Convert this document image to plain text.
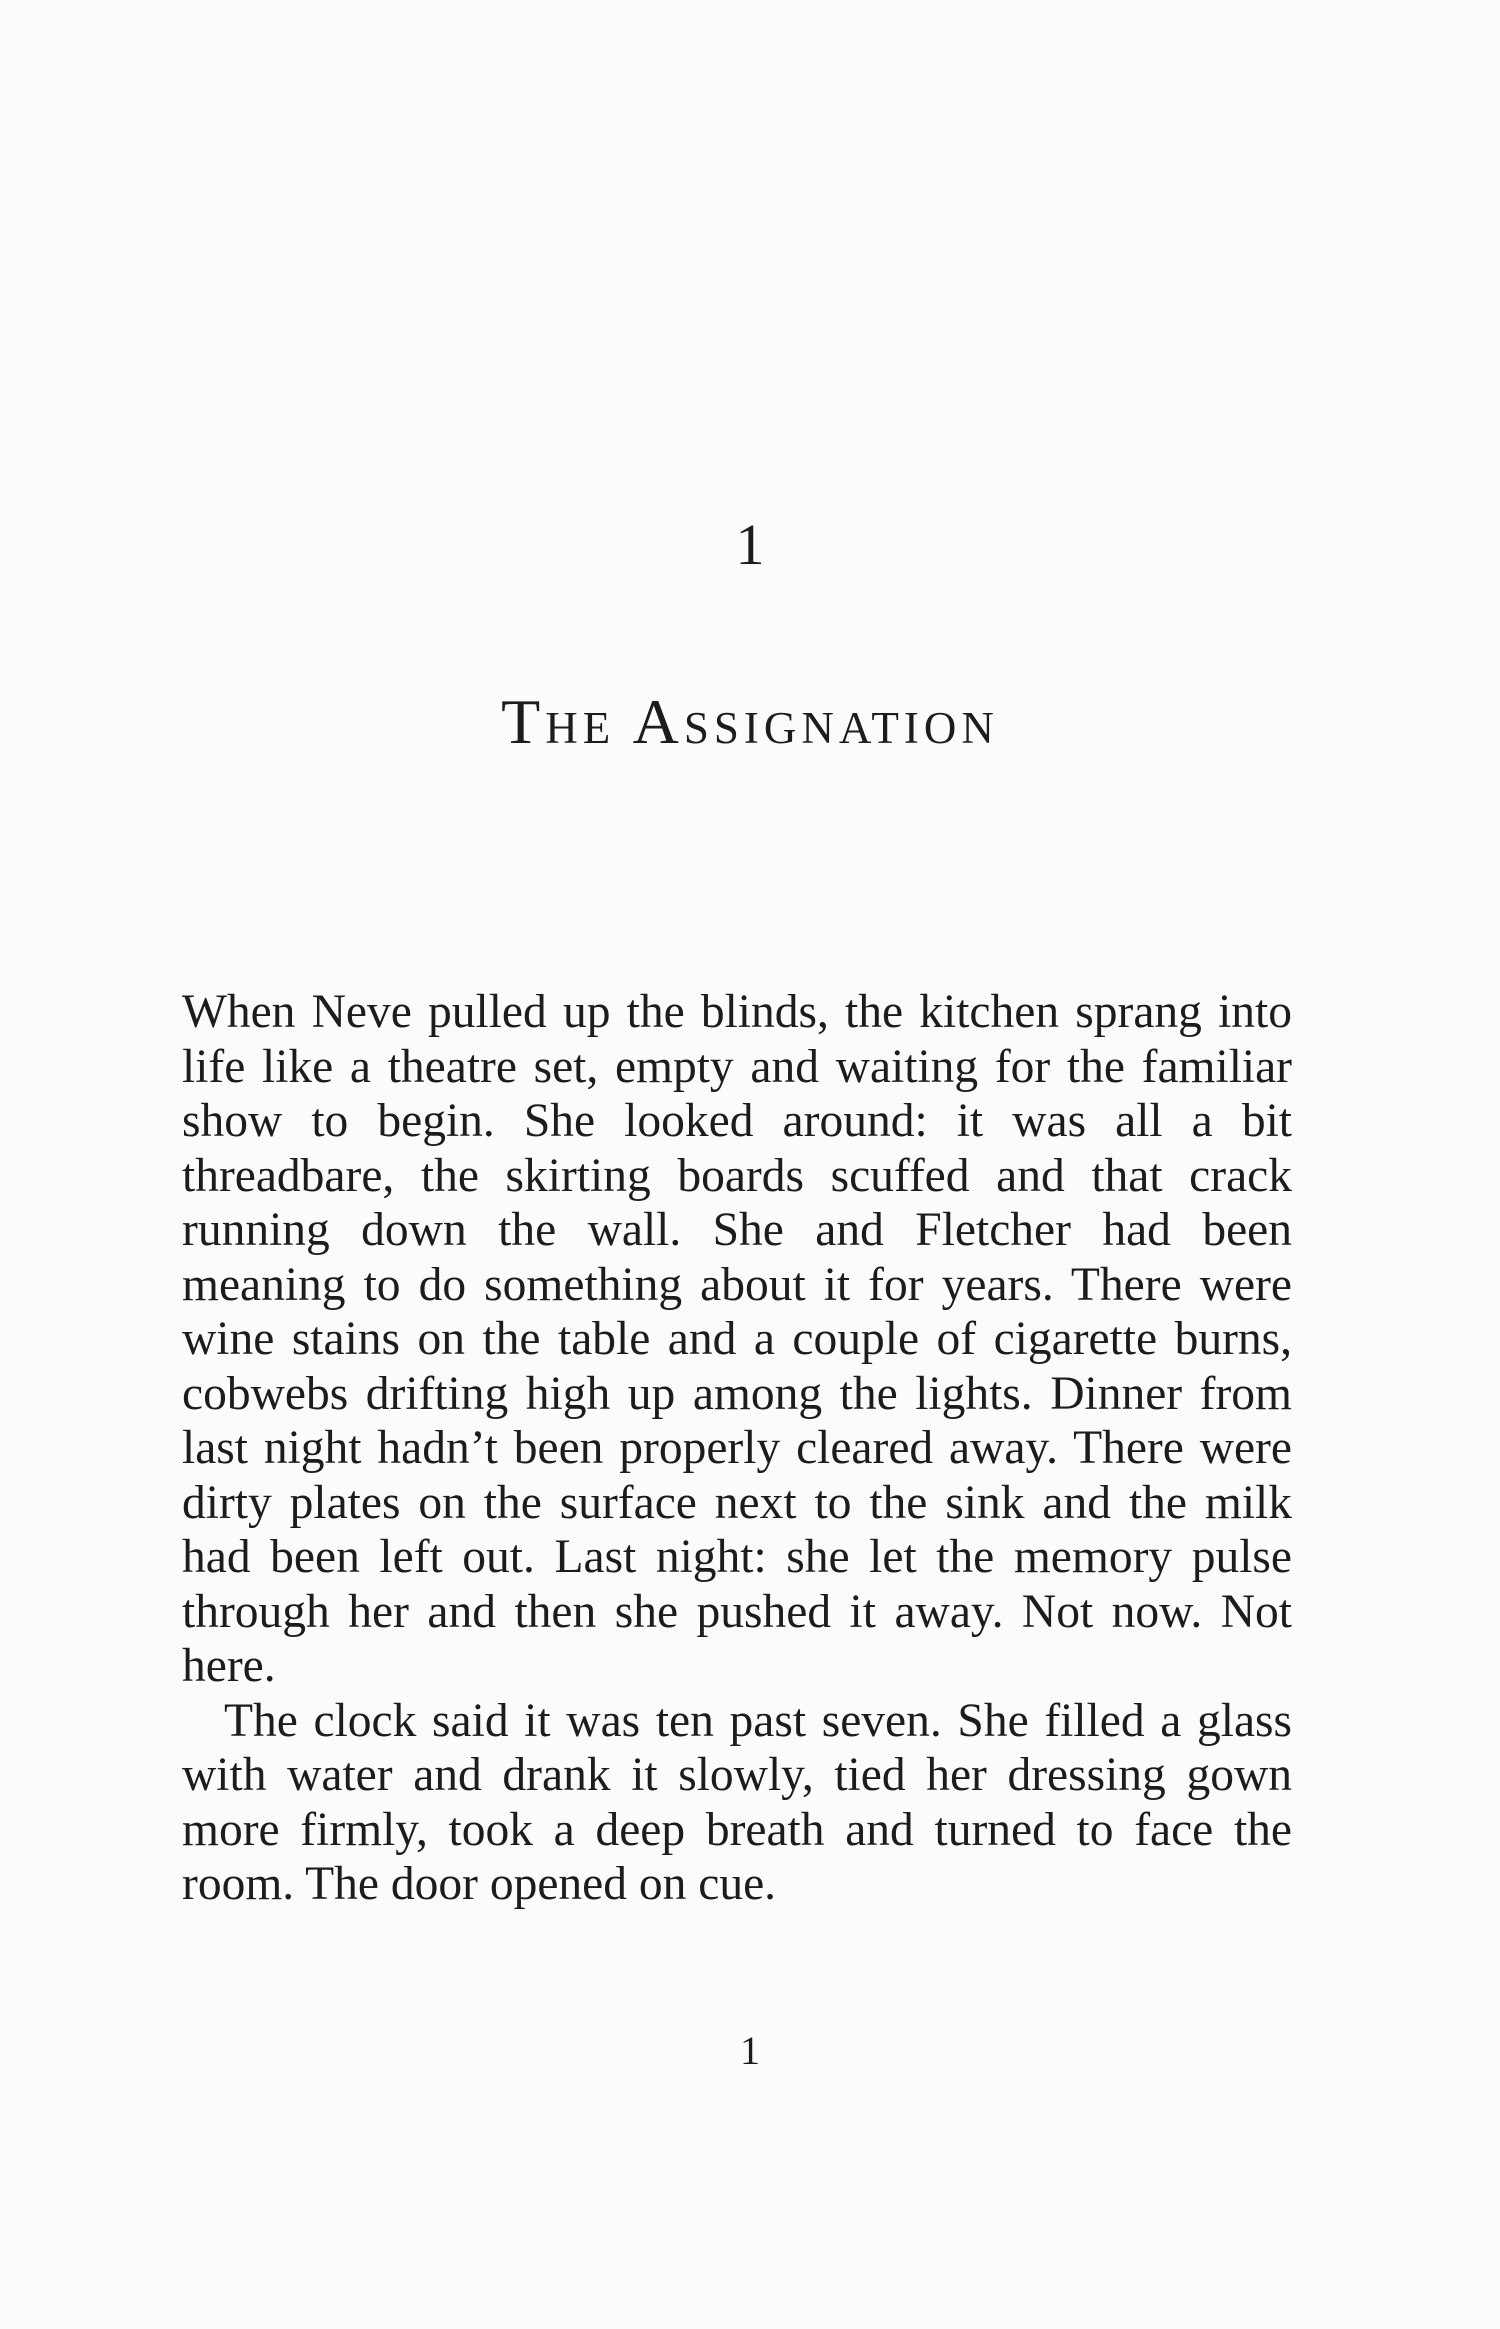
1
The Assignation

When Neve pulled up the blinds, the kitchen sprang into life like a theatre set, empty and waiting for the familiar show to begin. She looked around: it was all a bit threadbare, the skirting boards scuffed and that crack running down the wall. She and Fletcher had been meaning to do something about it for years. There were wine stains on the table and a couple of cigarette burns, cobwebs drifting high up among the lights. Dinner from last night hadn’t been properly cleared away. There were dirty plates on the surface next to the sink and the milk had been left out. Last night: she let the memory pulse through her and then she pushed it away. Not now. Not here.

The clock said it was ten past seven. She filled a glass with water and drank it slowly, tied her dressing gown more firmly, took a deep breath and turned to face the room. The door opened on cue.

1
